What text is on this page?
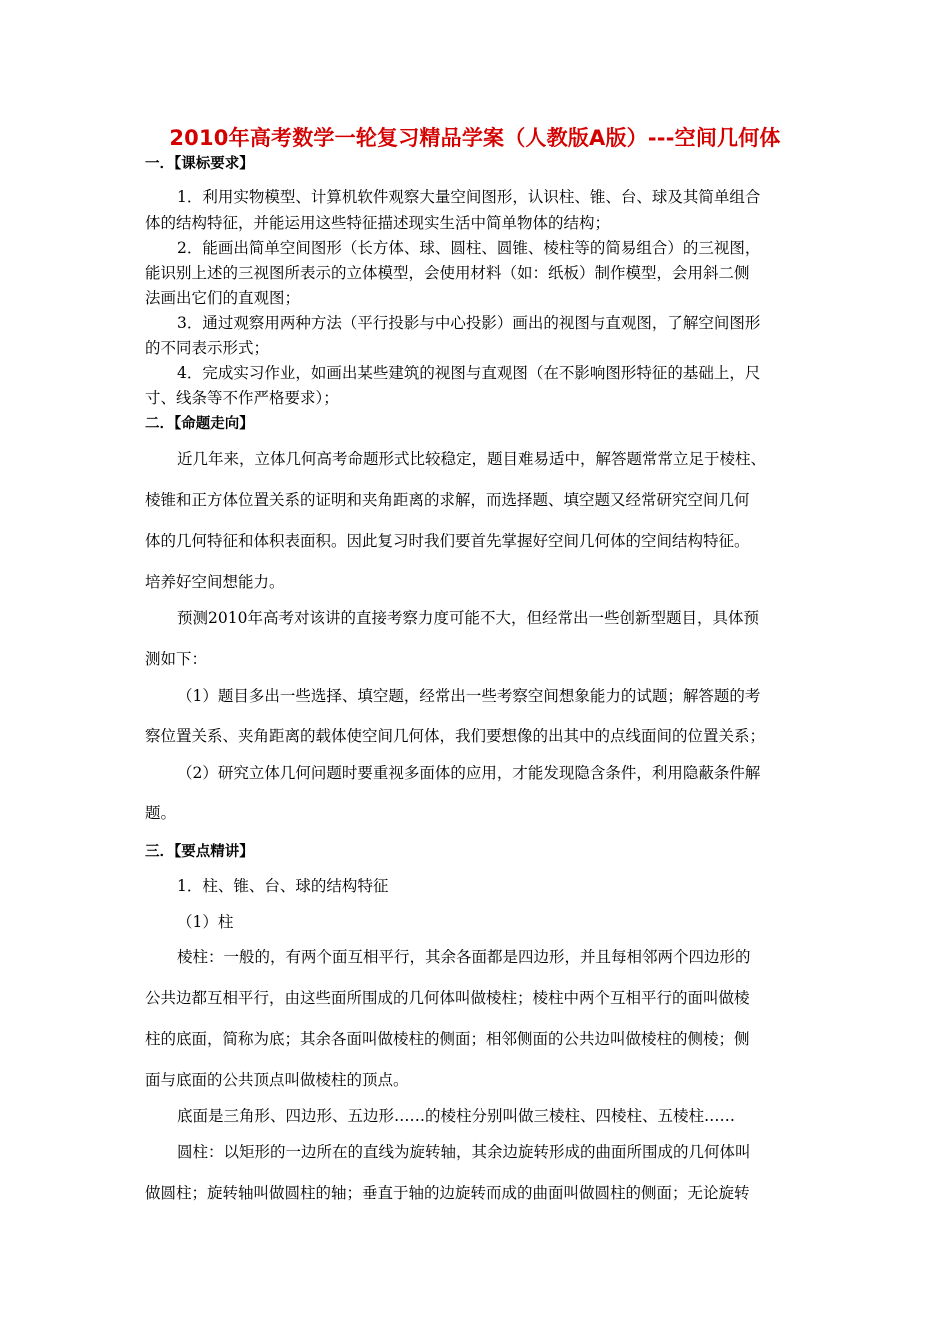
2010年高考数学一轮复习精品学案（人教版A版）---空间几何体
一．【课标要求】
1．利用实物模型、计算机软件观察大量空间图形，认识柱、锥、台、球及其简单组合
体的结构特征，并能运用这些特征描述现实生活中简单物体的结构；
2．能画出简单空间图形（长方体、球、圆柱、圆锥、棱柱等的简易组合）的三视图，
能识别上述的三视图所表示的立体模型，会使用材料（如：纸板）制作模型，会用斜二侧
法画出它们的直观图；
3．通过观察用两种方法（平行投影与中心投影）画出的视图与直观图，了解空间图形
的不同表示形式；
4．完成实习作业，如画出某些建筑的视图与直观图（在不影响图形特征的基础上，尺
寸、线条等不作严格要求）；
二．【命题走向】
近几年来，立体几何高考命题形式比较稳定，题目难易适中，解答题常常立足于棱柱、
棱锥和正方体位置关系的证明和夹角距离的求解，而选择题、填空题又经常研究空间几何
体的几何特征和体积表面积。因此复习时我们要首先掌握好空间几何体的空间结构特征。
培养好空间想能力。
预测2010年高考对该讲的直接考察力度可能不大，但经常出一些创新型题目，具体预
测如下：
（1）题目多出一些选择、填空题，经常出一些考察空间想象能力的试题；解答题的考
察位置关系、夹角距离的载体使空间几何体，我们要想像的出其中的点线面间的位置关系；
（2）研究立体几何问题时要重视多面体的应用，才能发现隐含条件，利用隐蔽条件解
题。
三．【要点精讲】
1．柱、锥、台、球的结构特征
（1）柱
棱柱：一般的，有两个面互相平行，其余各面都是四边形，并且每相邻两个四边形的
公共边都互相平行，由这些面所围成的几何体叫做棱柱；棱柱中两个互相平行的面叫做棱
柱的底面，简称为底；其余各面叫做棱柱的侧面；相邻侧面的公共边叫做棱柱的侧棱；侧
面与底面的公共顶点叫做棱柱的顶点。
底面是三角形、四边形、五边形……的棱柱分别叫做三棱柱、四棱柱、五棱柱……
圆柱：以矩形的一边所在的直线为旋转轴，其余边旋转形成的曲面所围成的几何体叫
做圆柱；旋转轴叫做圆柱的轴；垂直于轴的边旋转而成的曲面叫做圆柱的侧面；无论旋转
